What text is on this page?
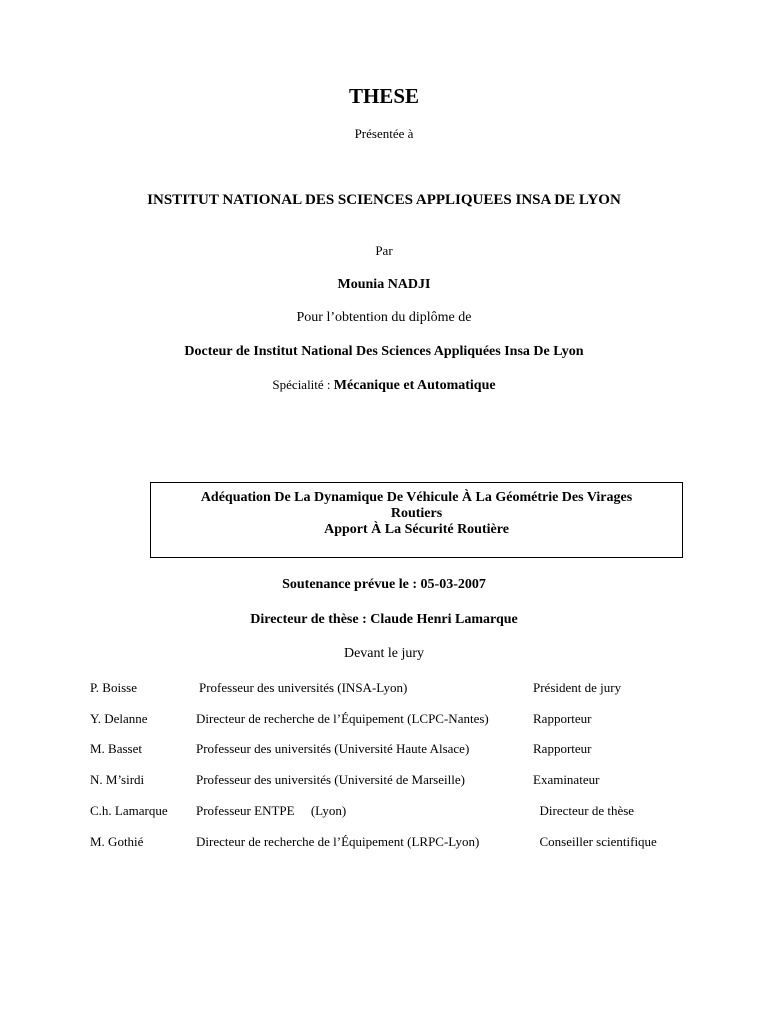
THESE
Présentée à
INSTITUT NATIONAL DES SCIENCES APPLIQUEES INSA DE LYON
Par
Mounia NADJI
Pour l’obtention du diplôme de
Docteur de Institut National Des Sciences Appliquées Insa De Lyon
Spécialité : Mécanique et Automatique
Adéquation De La Dynamique De Véhicule À La Géométrie Des Virages
Routiers
Apport À La Sécurité Routière
Soutenance prévue le : 05-03-2007
Directeur de thèse : Claude Henri Lamarque
Devant le jury
P. Boisse	Professeur des universités (INSA-Lyon)	Président de jury
Y. Delanne	Directeur de recherche de l’Équipement (LCPC-Nantes)	Rapporteur
M. Basset	Professeur des universités (Université Haute Alsace)	Rapporteur
N. M’sirdi	Professeur des universités (Université de Marseille)	Examinateur
C.h. Lamarque Professeur ENTPE     (Lyon)	Directeur de thèse
M. Gothié	Directeur de recherche de l’Équipement (LRPC-Lyon)	Conseiller scientifique
